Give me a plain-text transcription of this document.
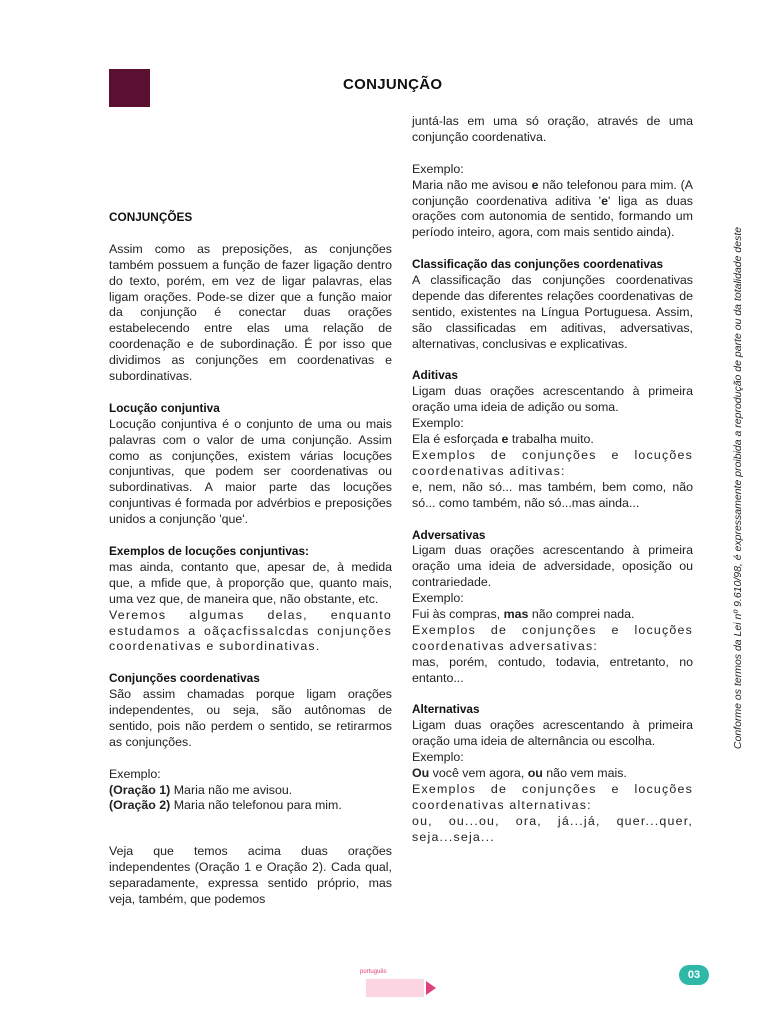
CONJUNÇÃO

CONJUNÇÕES

Assim como as preposições, as conjunções também possuem a função de fazer ligação dentro do texto, porém, em vez de ligar palavras, elas ligam orações. Pode-se dizer que a função maior da conjunção é conectar duas orações estabelecendo entre elas uma relação de coordenação e de subordinação. É por isso que dividimos as conjunções em coordenativas e subordinativas.

Locução conjuntiva

Locução conjuntiva é o conjunto de uma ou mais palavras com o valor de uma conjunção. Assim como as conjunções, existem várias locuções conjuntivas, que podem ser coordenativas ou subordinativas. A maior parte das locuções conjuntivas é formada por advérbios e preposições unidos a conjunção 'que'.

Exemplos de locuções conjuntivas:

mas ainda, contanto que, apesar de, à medida que, a mfide que, à proporção que, quanto mais, uma vez que, de maneira que, não obstante, etc.

Veremos algumas delas, enquanto estudamos a oãçacfissalcdas conjunções coordenativas e subordinativas.

Conjunções coordenativas

São assim chamadas porque ligam orações independentes, ou seja, são autônomas de sentido, pois não perdem o sentido, se retirarmos as conjunções.

Exemplo:

(Oração 1) Maria não me avisou.

(Oração 2) Maria não telefonou para mim.

Veja que temos acima duas orações independentes (Oração 1 e Oração 2). Cada qual, separadamente, expressa sentido próprio, mas veja, também, que podemos

juntá-las em uma só oração, através de uma conjunção coordenativa.

Exemplo:

Maria não me avisou e não telefonou para mim. (A conjunção coordenativa aditiva 'e' liga as duas orações com autonomia de sentido, formando um período inteiro, agora, com mais sentido ainda).

Classificação das conjunções coordenativas

A classificação das conjunções coordenativas depende das diferentes relações coordenativas de sentido, existentes na Língua Portuguesa. Assim, são classificadas em aditivas, adversativas, alternativas, conclusivas e explicativas.

Aditivas

Ligam duas orações acrescentando à primeira oração uma ideia de adição ou soma.

Exemplo:

Ela é esforçada e trabalha muito.

Exemplos de conjunções e locuções coordenativas aditivas:

e, nem, não só... mas também, bem como, não só... como também, não só...mas ainda...

Adversativas

Ligam duas orações acrescentando à primeira oração uma ideia de adversidade, oposição ou contrariedade.

Exemplo:

Fui às compras, mas não comprei nada.

Exemplos de conjunções e locuções coordenativas adversativas:

mas, porém, contudo, todavia, entretanto, no entanto...

Alternativas

Ligam duas orações acrescentando à primeira oração uma ideia de alternância ou escolha.

Exemplo:

Ou você vem agora, ou não vem mais.

Exemplos de conjunções e locuções coordenativas alternativas:

ou, ou...ou, ora, já...já, quer...quer, seja...seja...

Conforme os termos da Lei nº 9.610/98, é expressamente proibida a reprodução de parte ou da totalidade deste
português	03
